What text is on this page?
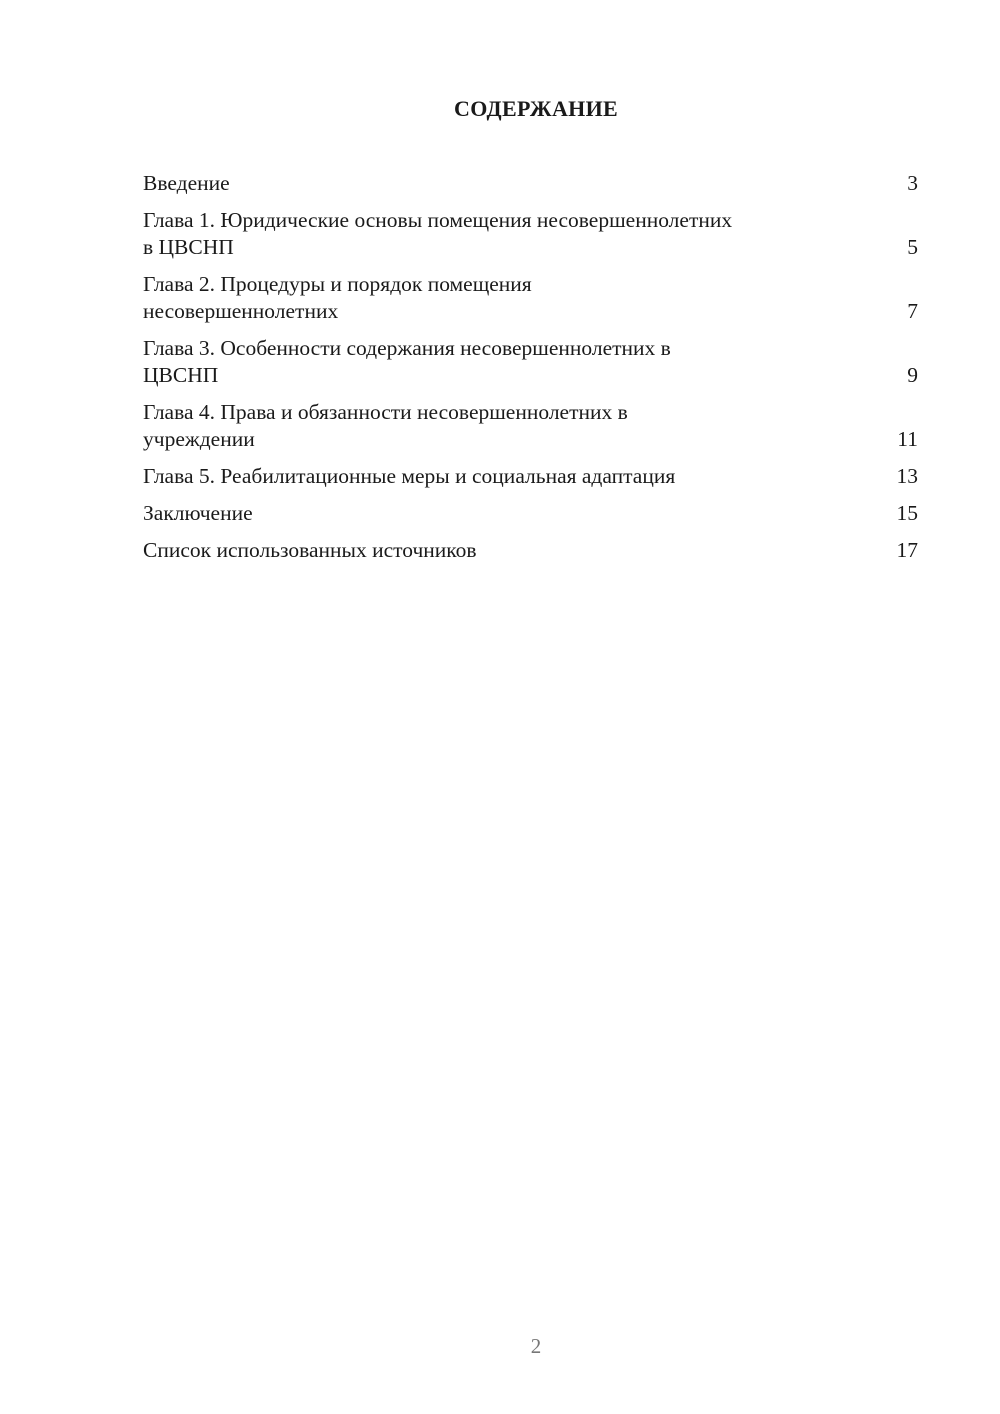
СОДЕРЖАНИЕ
Введение	3
Глава 1. Юридические основы помещения несовершеннолетних
в ЦВСНП	5
Глава 2. Процедуры и порядок помещения
несовершеннолетних	7
Глава 3. Особенности содержания несовершеннолетних в
ЦВСНП	9
Глава 4. Права и обязанности несовершеннолетних в
учреждении	11
Глава 5. Реабилитационные меры и социальная адаптация	13
Заключение	15
Список использованных источников	17
2
